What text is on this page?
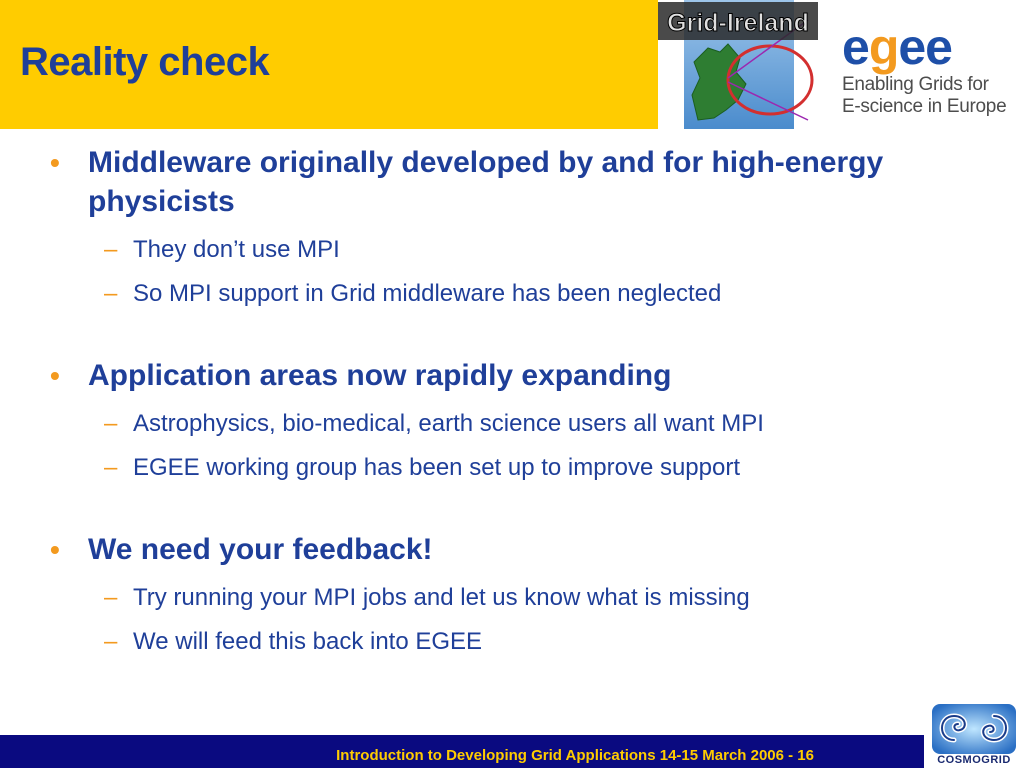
Reality check
Grid-Ireland egee
Enabling Grids for
E-science in Europe
• Middleware originally developed by and for high-energy physicists
– They don’t use MPI
– So MPI support in Grid middleware has been neglected
• Application areas now rapidly expanding
– Astrophysics, bio-medical, earth science users all want MPI
– EGEE working group has been set up to improve support
• We need your feedback!
– Try running your MPI jobs and let us know what is missing
– We will feed this back into EGEE
Introduction to Developing Grid Applications 14-15 March 2006 - 16	COSMOGRID
